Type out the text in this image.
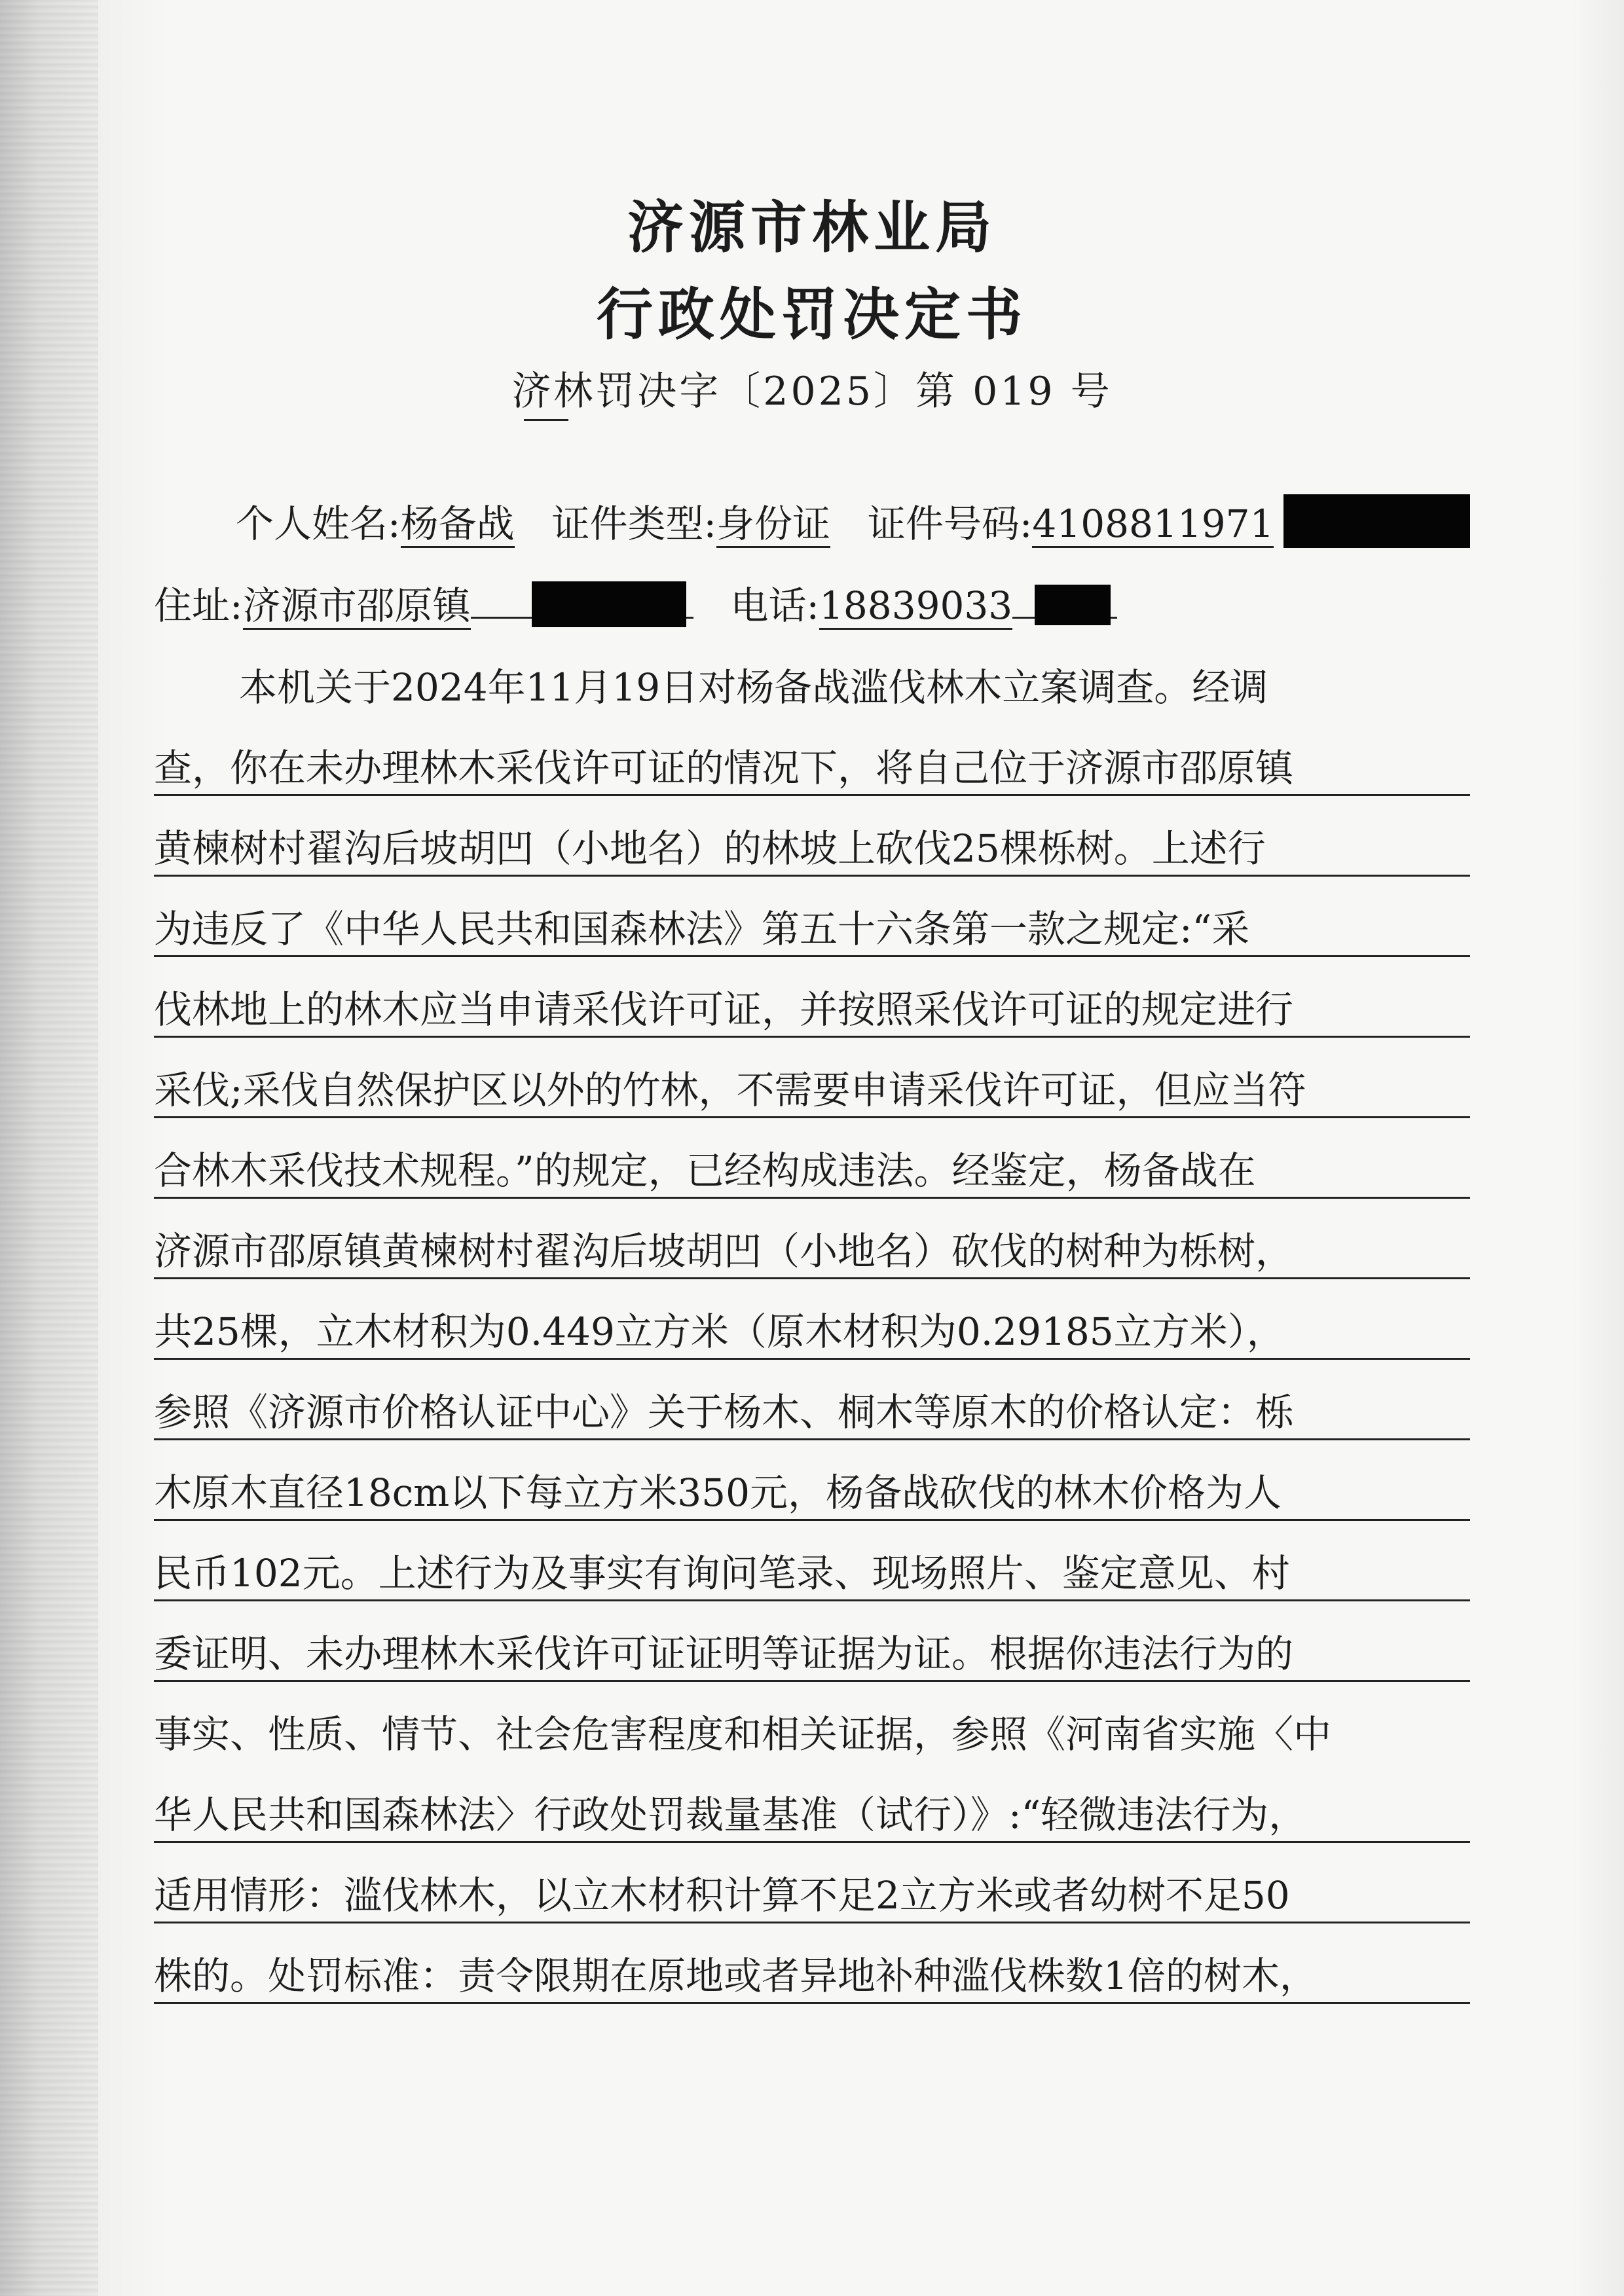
济源市林业局
行政处罚决定书
济林罚决字〔2025〕第 019 号
个人姓名:杨备战 证件类型:身份证 证件号码:4108811971
住址:济源市邵原镇	电话:18839033
本机关于2024年11月19日对杨备战滥伐林木立案调查。经调
查，你在未办理林木采伐许可证的情况下，将自己位于济源市邵原镇
黄楝树村翟沟后坡胡凹（小地名）的林坡上砍伐25棵栎树。上述行
为违反了《中华人民共和国森林法》第五十六条第一款之规定:“采
伐林地上的林木应当申请采伐许可证，并按照采伐许可证的规定进行
采伐;采伐自然保护区以外的竹林，不需要申请采伐许可证，但应当符
合林木采伐技术规程。”的规定，已经构成违法。经鉴定，杨备战在
济源市邵原镇黄楝树村翟沟后坡胡凹（小地名）砍伐的树种为栎树，
共25棵，立木材积为0.449立方米（原木材积为0.29185立方米），
参照《济源市价格认证中心》关于杨木、桐木等原木的价格认定：栎
木原木直径18cm以下每立方米350元，杨备战砍伐的林木价格为人
民币102元。上述行为及事实有询问笔录、现场照片、鉴定意见、村
委证明、未办理林木采伐许可证证明等证据为证。根据你违法行为的
事实、性质、情节、社会危害程度和相关证据，参照《河南省实施〈中
华人民共和国森林法〉行政处罚裁量基准（试行）》:“轻微违法行为，
适用情形：滥伐林木，以立木材积计算不足2立方米或者幼树不足50
株的。处罚标准：责令限期在原地或者异地补种滥伐株数1倍的树木，
